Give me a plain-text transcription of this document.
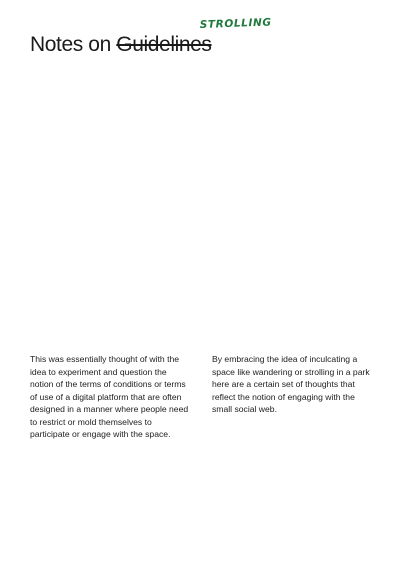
Notes on Guidelines
STROLLING

This was essentially thought of with the idea to experiment and question the notion of the terms of conditions or terms of use of a digital platform that are often designed in a manner where people need to restrict or mold themselves to participate or engage with the space.

By embracing the idea of inculcating a space like wandering or strolling in a park here are a certain set of thoughts that reflect the notion of engaging with the small social web.
